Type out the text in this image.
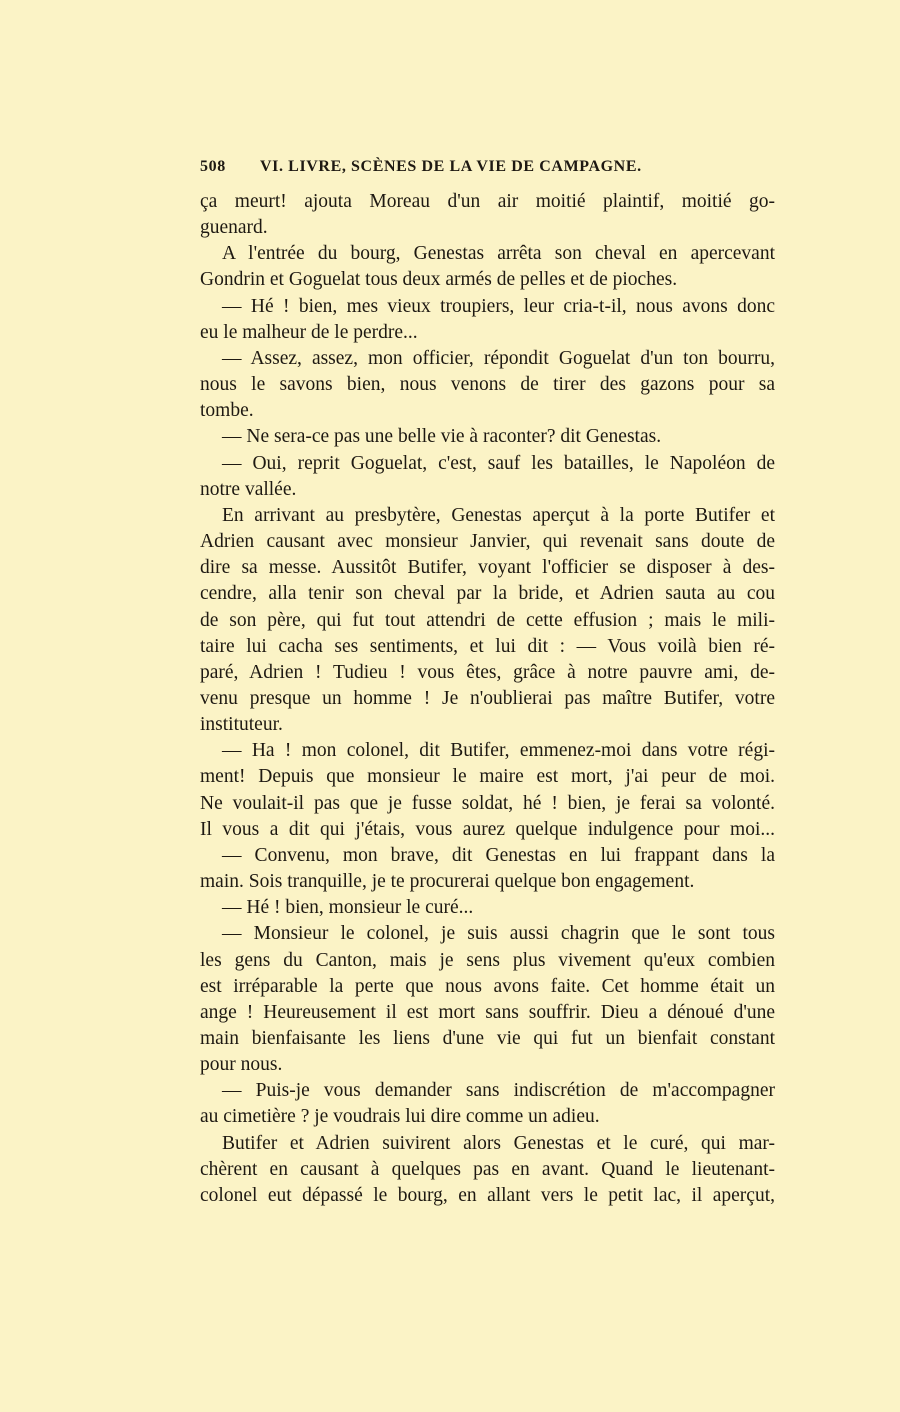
508 VI. LIVRE, SCÈNES DE LA VIE DE CAMPAGNE.
ça meurt! ajouta Moreau d'un air moitié plaintif, moitié go-
guenard.
A l'entrée du bourg, Genestas arrêta son cheval en apercevant
Gondrin et Goguelat tous deux armés de pelles et de pioches.
— Hé ! bien, mes vieux troupiers, leur cria-t-il, nous avons donc
eu le malheur de le perdre...
— Assez, assez, mon officier, répondit Goguelat d'un ton bourru,
nous le savons bien, nous venons de tirer des gazons pour sa
tombe.
— Ne sera-ce pas une belle vie à raconter? dit Genestas.
— Oui, reprit Goguelat, c'est, sauf les batailles, le Napoléon de
notre vallée.
En arrivant au presbytère, Genestas aperçut à la porte Butifer et
Adrien causant avec monsieur Janvier, qui revenait sans doute de
dire sa messe. Aussitôt Butifer, voyant l'officier se disposer à des-
cendre, alla tenir son cheval par la bride, et Adrien sauta au cou
de son père, qui fut tout attendri de cette effusion ; mais le mili-
taire lui cacha ses sentiments, et lui dit : — Vous voilà bien ré-
paré, Adrien ! Tudieu ! vous êtes, grâce à notre pauvre ami, de-
venu presque un homme ! Je n'oublierai pas maître Butifer, votre
instituteur.
— Ha ! mon colonel, dit Butifer, emmenez-moi dans votre régi-
ment! Depuis que monsieur le maire est mort, j'ai peur de moi.
Ne voulait-il pas que je fusse soldat, hé ! bien, je ferai sa volonté.
Il vous a dit qui j'étais, vous aurez quelque indulgence pour moi...
— Convenu, mon brave, dit Genestas en lui frappant dans la
main. Sois tranquille, je te procurerai quelque bon engagement.
— Hé ! bien, monsieur le curé...
— Monsieur le colonel, je suis aussi chagrin que le sont tous
les gens du Canton, mais je sens plus vivement qu'eux combien
est irréparable la perte que nous avons faite. Cet homme était un
ange ! Heureusement il est mort sans souffrir. Dieu a dénoué d'une
main bienfaisante les liens d'une vie qui fut un bienfait constant
pour nous.
— Puis-je vous demander sans indiscrétion de m'accompagner
au cimetière ? je voudrais lui dire comme un adieu.
Butifer et Adrien suivirent alors Genestas et le curé, qui mar-
chèrent en causant à quelques pas en avant. Quand le lieutenant-
colonel eut dépassé le bourg, en allant vers le petit lac, il aperçut,
